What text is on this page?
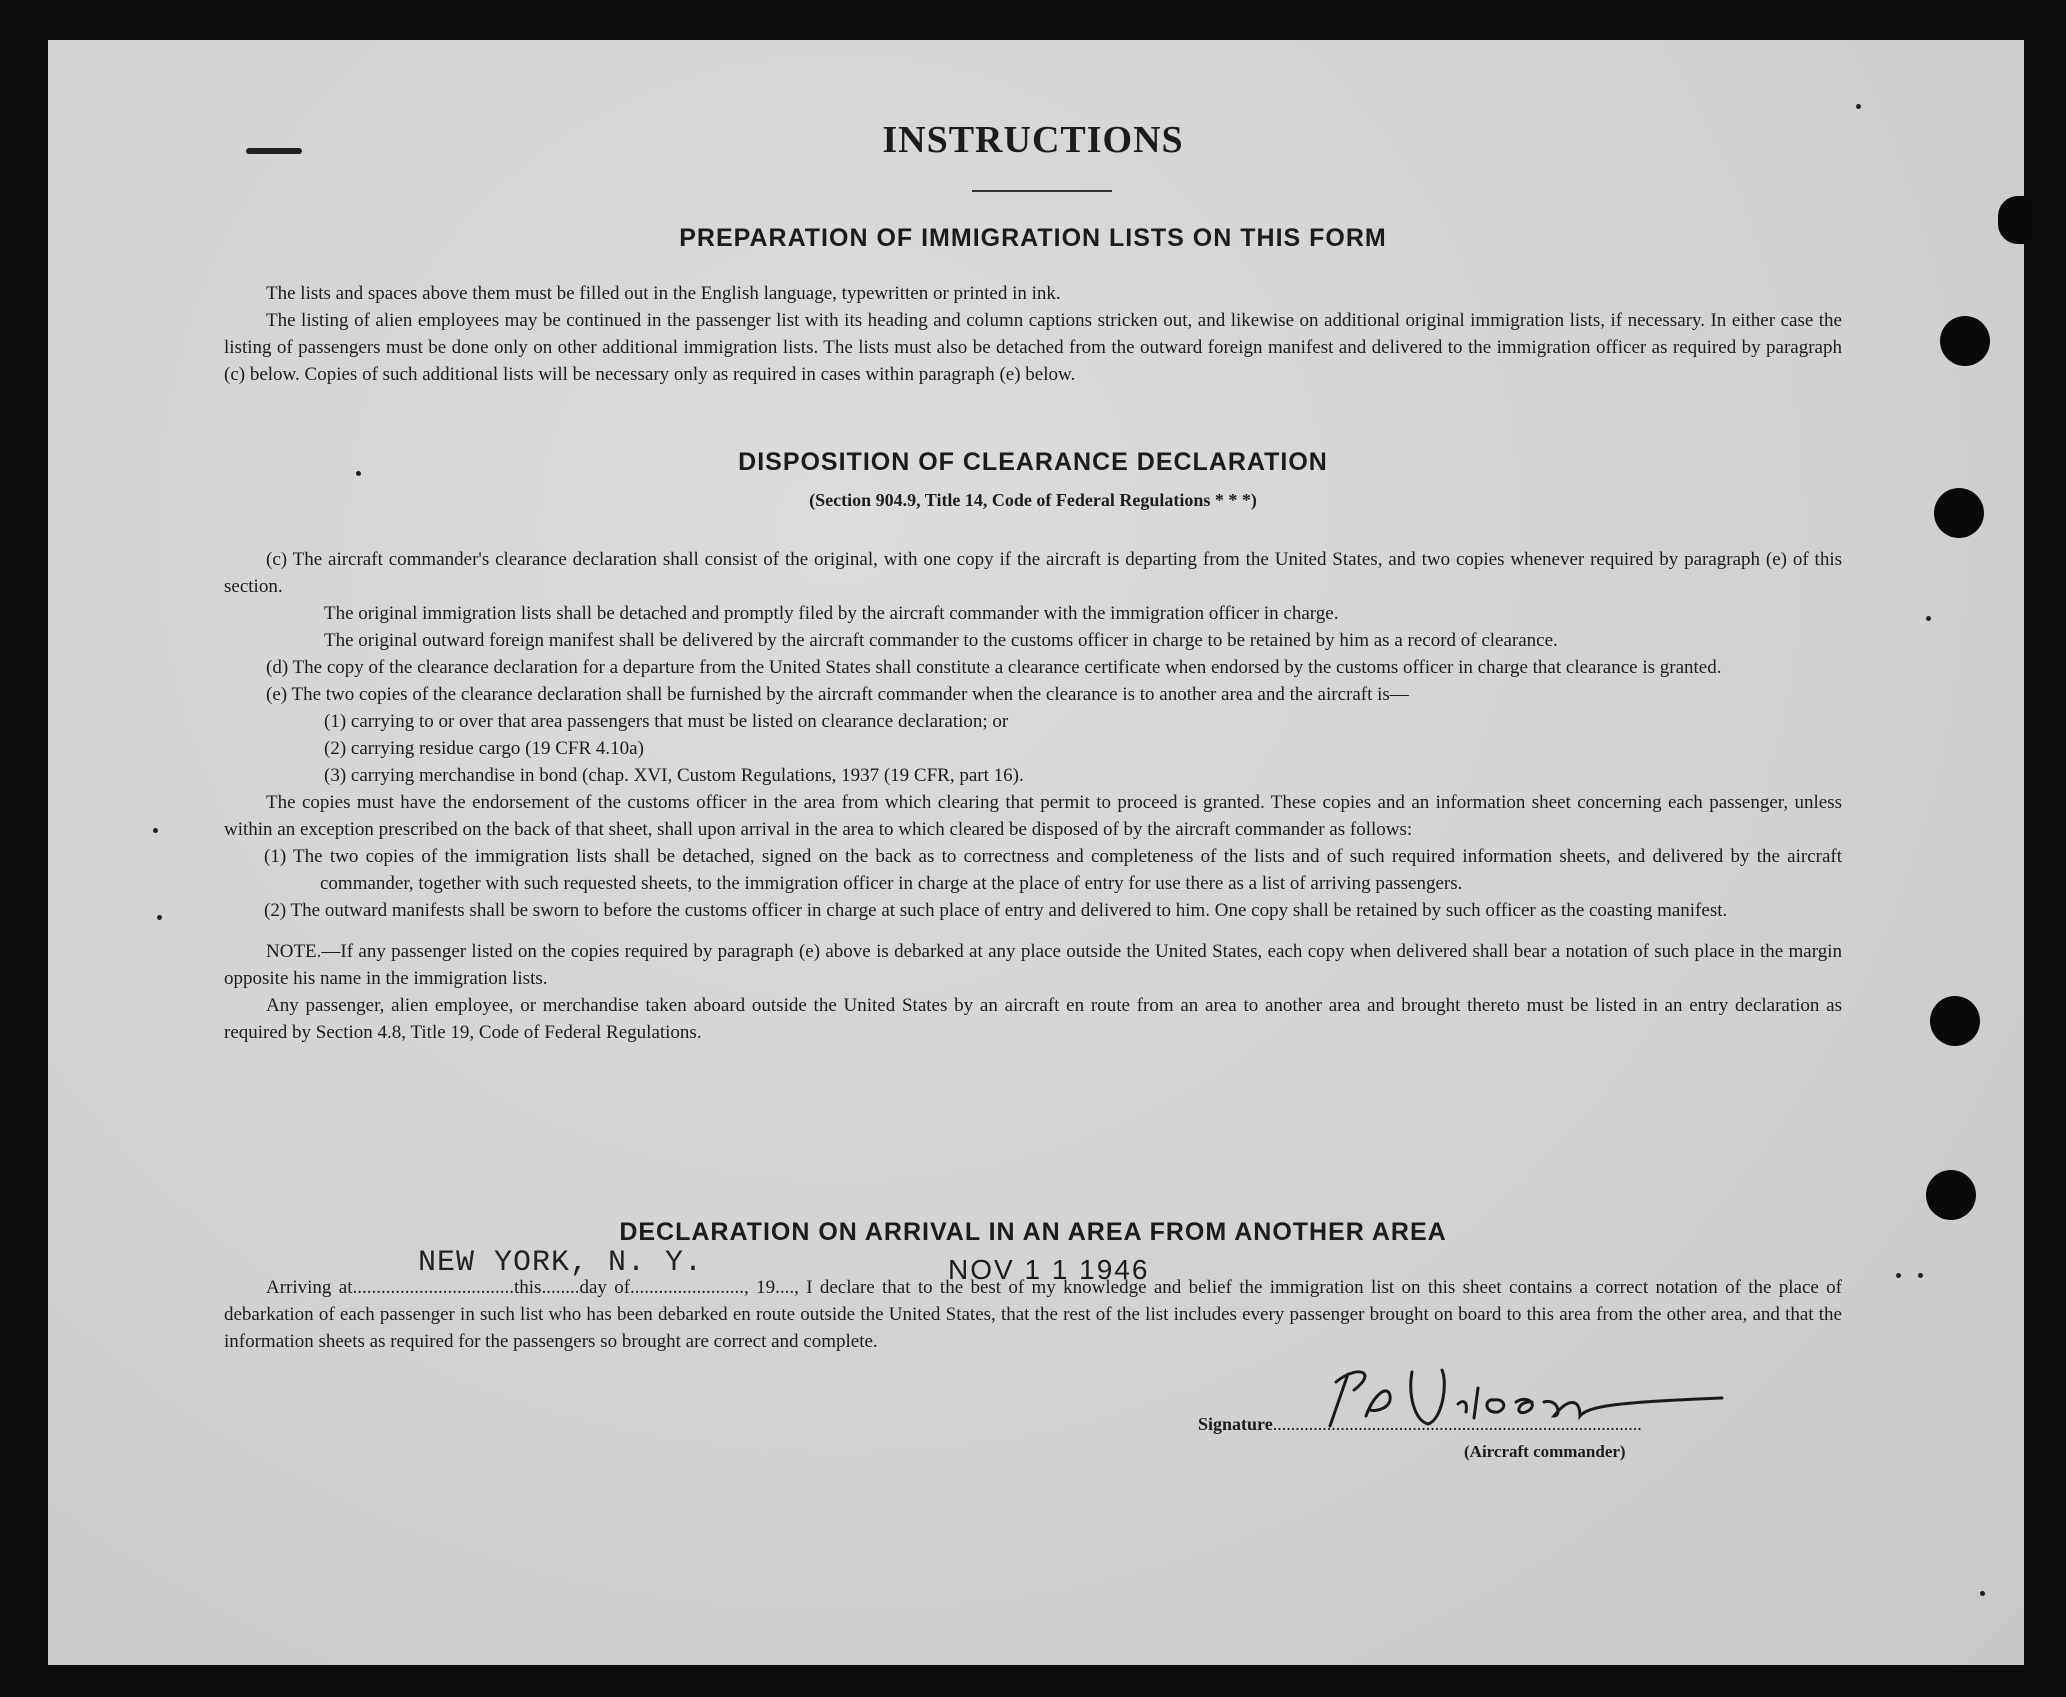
INSTRUCTIONS
PREPARATION OF IMMIGRATION LISTS ON THIS FORM

The lists and spaces above them must be filled out in the English language, typewritten or printed in ink.

The listing of alien employees may be continued in the passenger list with its heading and column captions stricken out, and likewise on additional original immigration lists, if necessary. In either case the listing of passengers must be done only on other additional immigration lists. The lists must also be detached from the outward foreign manifest and delivered to the immigration officer as required by paragraph (c) below. Copies of such additional lists will be necessary only as required in cases within paragraph (e) below.

DISPOSITION OF CLEARANCE DECLARATION
(Section 904.9, Title 14, Code of Federal Regulations * * *)

(c) The aircraft commander's clearance declaration shall consist of the original, with one copy if the aircraft is departing from the United States, and two copies whenever required by paragraph (e) of this section.

The original immigration lists shall be detached and promptly filed by the aircraft commander with the immigration officer in charge.

The original outward foreign manifest shall be delivered by the aircraft commander to the customs officer in charge to be retained by him as a record of clearance.

(d) The copy of the clearance declaration for a departure from the United States shall constitute a clearance certificate when endorsed by the customs officer in charge that clearance is granted.

(e) The two copies of the clearance declaration shall be furnished by the aircraft commander when the clearance is to another area and the aircraft is—

(1) carrying to or over that area passengers that must be listed on clearance declaration; or

(2) carrying residue cargo (19 CFR 4.10a)

(3) carrying merchandise in bond (chap. XVI, Custom Regulations, 1937 (19 CFR, part 16).

The copies must have the endorsement of the customs officer in the area from which clearing that permit to proceed is granted. These copies and an information sheet concerning each passenger, unless within an exception prescribed on the back of that sheet, shall upon arrival in the area to which cleared be disposed of by the aircraft commander as follows:

(1) The two copies of the immigration lists shall be detached, signed on the back as to correctness and completeness of the lists and of such required information sheets, and delivered by the aircraft commander, together with such requested sheets, to the immigration officer in charge at the place of entry for use there as a list of arriving passengers.

(2) The outward manifests shall be sworn to before the customs officer in charge at such place of entry and delivered to him. One copy shall be retained by such officer as the coasting manifest.

NOTE.—If any passenger listed on the copies required by paragraph (e) above is debarked at any place outside the United States, each copy when delivered shall bear a notation of such place in the margin opposite his name in the immigration lists.

Any passenger, alien employee, or merchandise taken aboard outside the United States by an aircraft en route from an area to another area and brought thereto must be listed in an entry declaration as required by Section 4.8, Title 19, Code of Federal Regulations.

DECLARATION ON ARRIVAL IN AN AREA FROM ANOTHER AREA
NEW YORK, N. Y.	NOV 1 1 1946

Arriving at..................................this........day of........................, 19...., I declare that to the best of my knowledge and belief the immigration list on this sheet contains a correct notation of the place of debarkation of each passenger in such list who has been debarked en route outside the United States, that the rest of the list includes every passenger brought on board to this area from the other area, and that the information sheets as required for the passengers so brought are correct and complete.

Signature..................................................................................
(Aircraft commander)
